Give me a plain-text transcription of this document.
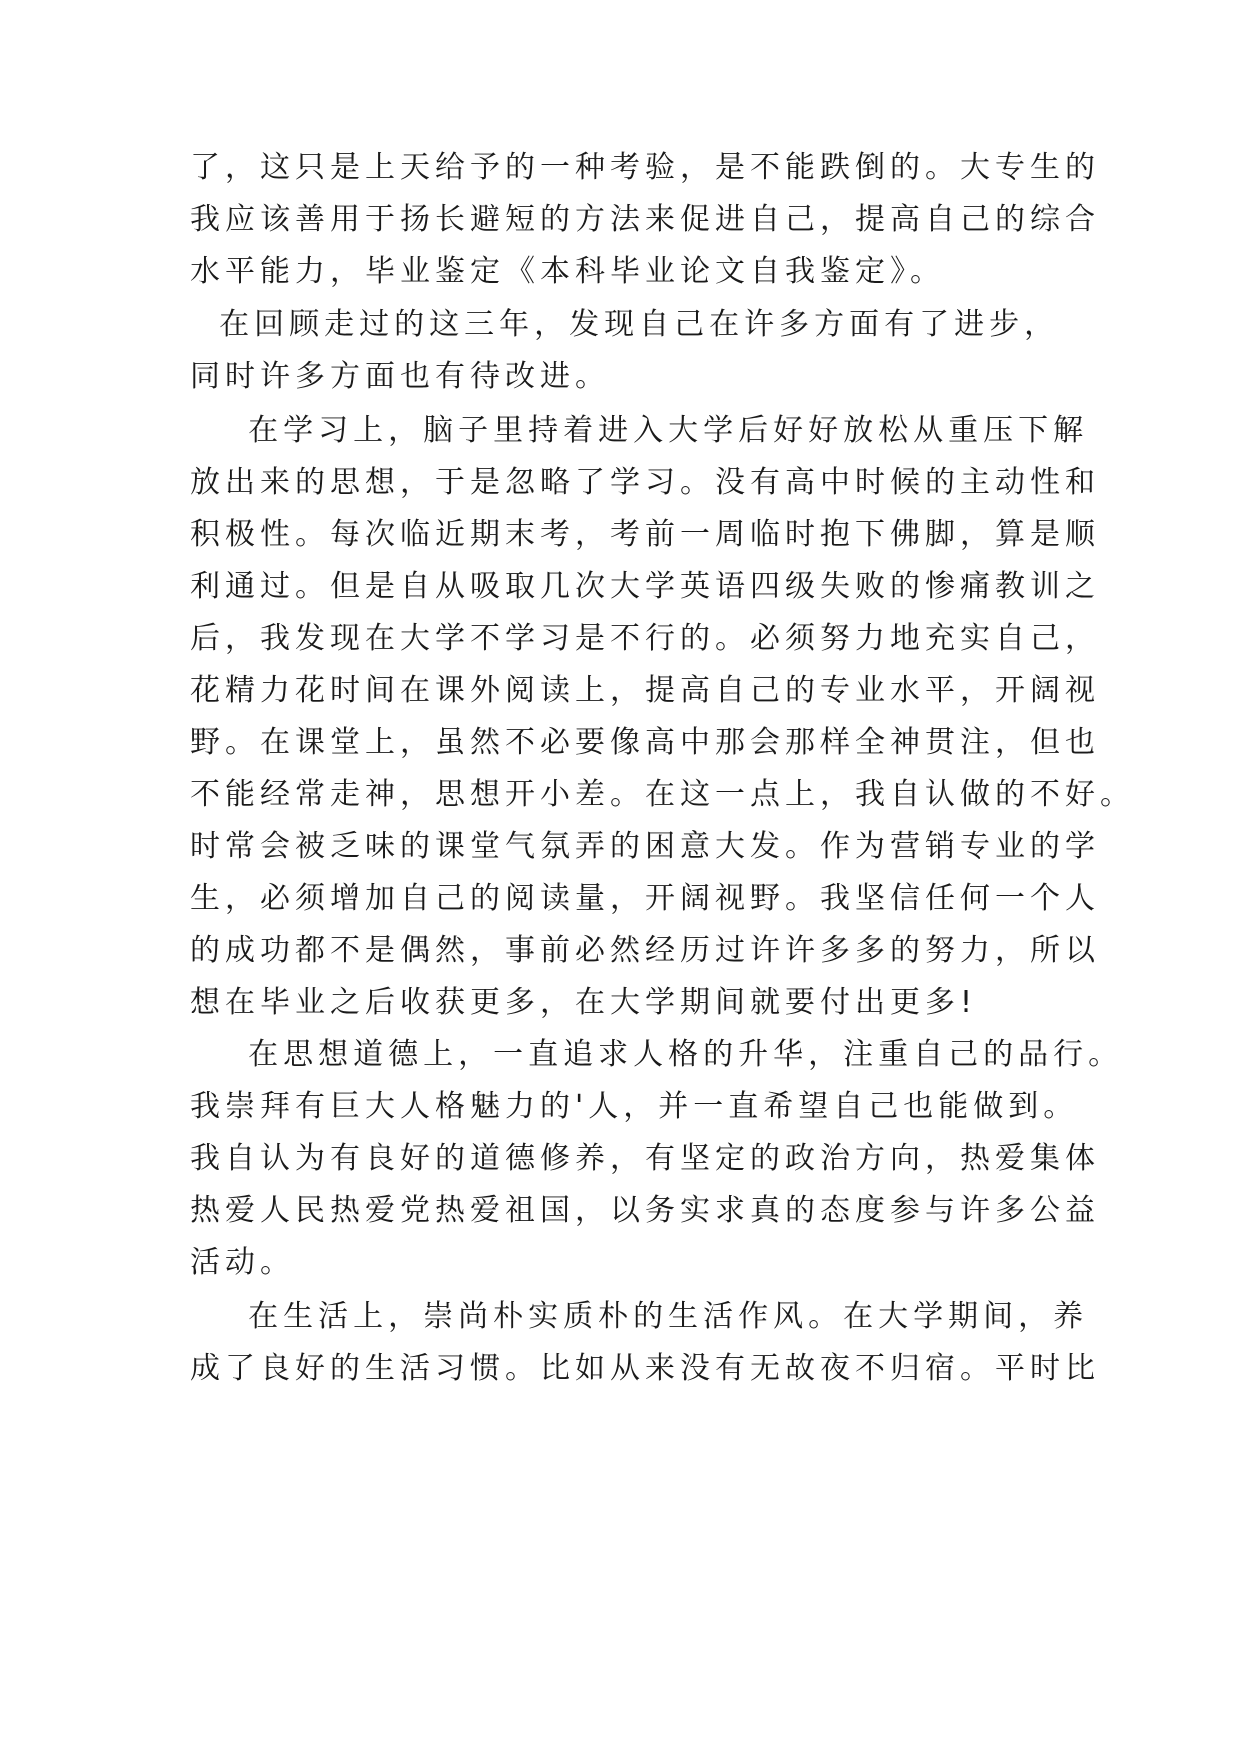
了，这只是上天给予的一种考验，是不能跌倒的。大专生的
我应该善用于扬长避短的方法来促进自己，提高自己的综合
水平能力，毕业鉴定《本科毕业论文自我鉴定》。
在回顾走过的这三年，发现自己在许多方面有了进步，
同时许多方面也有待改进。
在学习上，脑子里持着进入大学后好好放松从重压下解
放出来的思想，于是忽略了学习。没有高中时候的主动性和
积极性。每次临近期末考，考前一周临时抱下佛脚，算是顺
利通过。但是自从吸取几次大学英语四级失败的惨痛教训之
后，我发现在大学不学习是不行的。必须努力地充实自己，
花精力花时间在课外阅读上，提高自己的专业水平，开阔视
野。在课堂上，虽然不必要像高中那会那样全神贯注，但也
不能经常走神，思想开小差。在这一点上，我自认做的不好。
时常会被乏味的课堂气氛弄的困意大发。作为营销专业的学
生，必须增加自己的阅读量，开阔视野。我坚信任何一个人
的成功都不是偶然，事前必然经历过许许多多的努力，所以
想在毕业之后收获更多，在大学期间就要付出更多!
在思想道德上，一直追求人格的升华，注重自己的品行。
我崇拜有巨大人格魅力的'人，并一直希望自己也能做到。
我自认为有良好的道德修养，有坚定的政治方向，热爱集体
热爱人民热爱党热爱祖国，以务实求真的态度参与许多公益
活动。
在生活上，崇尚朴实质朴的生活作风。在大学期间，养
成了良好的生活习惯。比如从来没有无故夜不归宿。平时比
